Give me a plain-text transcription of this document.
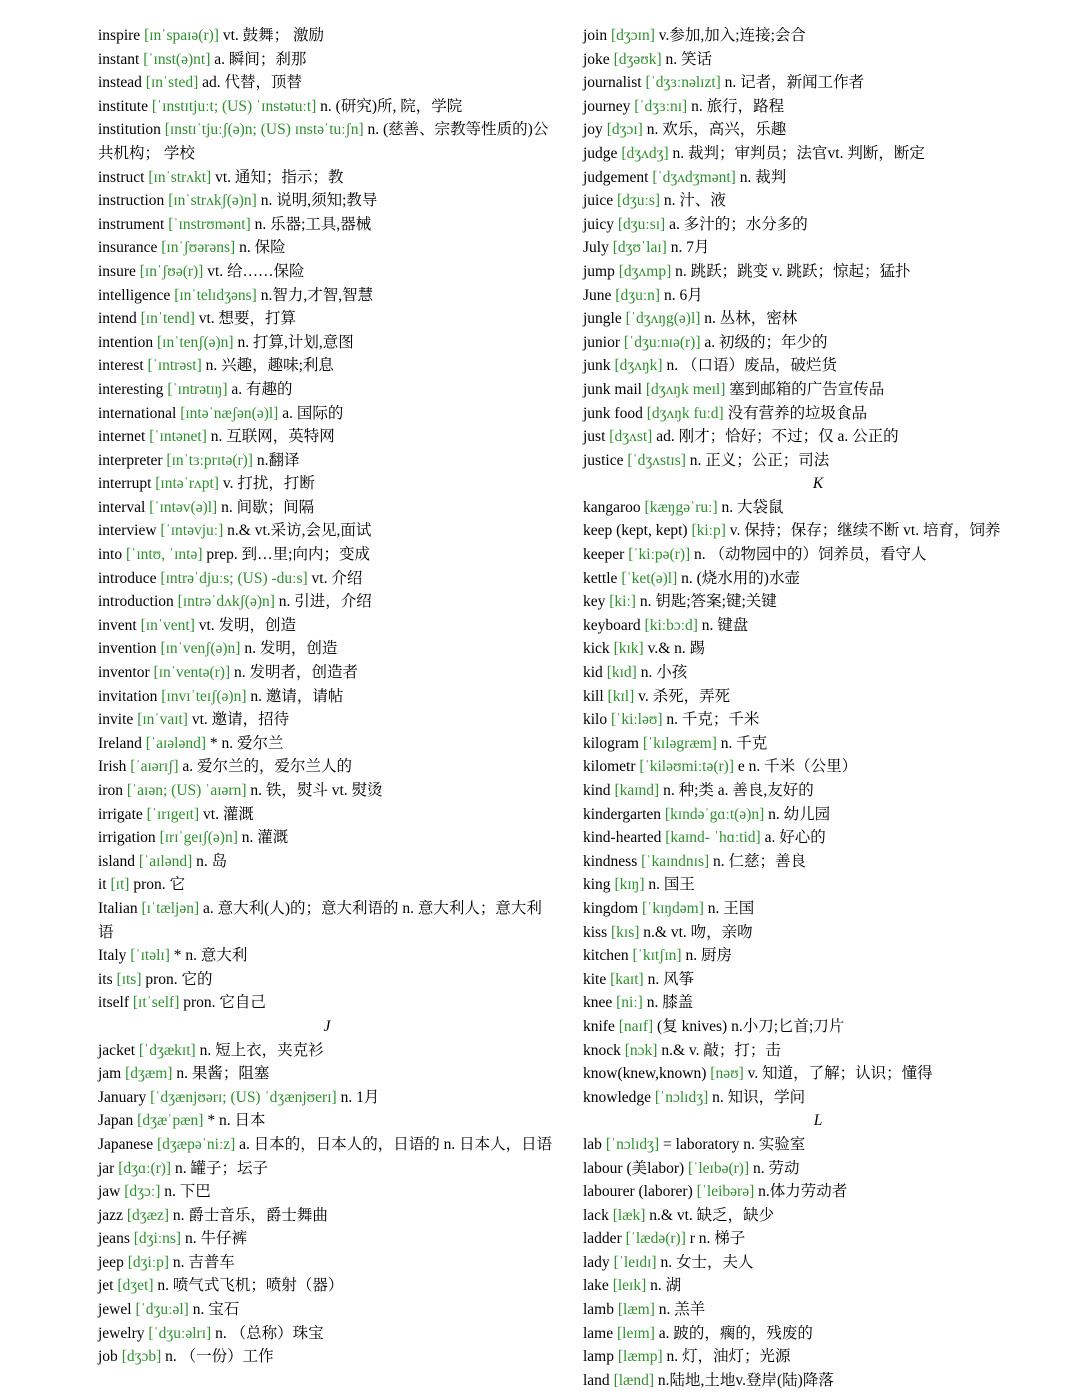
inspire [ɪnˈspaɪə(r)] vt. 鼓舞； 激励
instant [ˈɪnst(ə)nt] a. 瞬间；刹那
instead [ɪnˈsted] ad. 代替，顶替
institute [ˈɪnstɪtjuːt; (US) ˈɪnstətuːt] n. (研究)所, 院，学院
institution [ɪnstɪˈtjuːʃ(ə)n; (US) ɪnstəˈtuːʃn] n. (慈善、宗教等性质的)公共机构； 学校
instruct [ɪnˈstrʌkt] vt. 通知；指示；教
instruction [ɪnˈstrʌkʃ(ə)n] n. 说明,须知;教导
instrument [ˈɪnstrʊmənt] n. 乐器;工具,器械
insurance [ɪnˈʃʊərəns] n. 保险
insure [ɪnˈʃʊə(r)] vt. 给……保险
intelligence [ɪnˈtelɪdʒəns] n.智力,才智,智慧
intend [ɪnˈtend] vt. 想要，打算
intention [ɪnˈtenʃ(ə)n] n. 打算,计划,意图
interest [ˈɪntrəst] n. 兴趣，趣味;利息
interesting [ˈɪntrətɪŋ] a. 有趣的
international [ɪntəˈnæʃən(ə)l] a. 国际的
internet [ˈɪntənet] n. 互联网，英特网
interpreter [ɪnˈtɜːprɪtə(r)] n.翻译
interrupt [ɪntəˈrʌpt] v. 打扰，打断
interval [ˈɪntəv(ə)l] n. 间歇；间隔
interview [ˈɪntəvjuː] n.& vt.采访,会见,面试
into [ˈɪntʊ, ˈɪntə] prep. 到…里;向内；变成
introduce [ɪntrəˈdjuːs; (US) -duːs] vt. 介绍
introduction [ɪntrəˈdʌkʃ(ə)n] n. 引进，介绍
invent [ɪnˈvent] vt. 发明，创造
invention [ɪnˈvenʃ(ə)n] n. 发明，创造
inventor [ɪnˈventə(r)] n. 发明者，创造者
invitation [ɪnvɪˈteɪʃ(ə)n] n. 邀请，请帖
invite [ɪnˈvaɪt] vt. 邀请，招待
Ireland [ˈaɪələnd] * n. 爱尔兰
Irish [ˈaɪərɪʃ] a. 爱尔兰的，爱尔兰人的
iron [ˈaɪən; (US) ˈaɪərn] n. 铁，熨斗 vt. 熨烫
irrigate [ˈɪrɪgeɪt] vt. 灌溉
irrigation [ɪrɪˈgeɪʃ(ə)n] n. 灌溉
island [ˈaɪlənd] n. 岛
it [ɪt] pron. 它
Italian [ɪˈtæljən] a. 意大利(人)的；意大利语的 n. 意大利人；意大利语
Italy [ˈɪtəlɪ] * n. 意大利
its [ɪts] pron. 它的
itself [ɪtˈself] pron. 它自己
J
jacket [ˈdʒækɪt] n. 短上衣，夹克衫
jam [dʒæm] n. 果酱；阻塞
January [ˈdʒænjʊərɪ; (US) ˈdʒænjʊerɪ] n. 1月
Japan [dʒæˈpæn] * n. 日本
Japanese [dʒæpəˈniːz] a. 日本的，日本人的，日语的 n. 日本人，日语
jar [dʒɑː(r)] n. 罐子；坛子
jaw [dʒɔː] n. 下巴
jazz [dʒæz] n. 爵士音乐，爵士舞曲
jeans [dʒiːns] n. 牛仔裤
jeep [dʒiːp] n. 吉普车
jet [dʒet] n. 喷气式飞机；喷射（器）
jewel [ˈdʒuːəl] n. 宝石
jewelry [ˈdʒuːəlrɪ] n. （总称）珠宝
job [dʒɔb] n. （一份）工作
join [dʒɔɪn] v.参加,加入;连接;会合
joke [dʒəʊk] n. 笑话
journalist [ˈdʒɜːnəlɪzt] n. 记者，新闻工作者
journey [ˈdʒɜːnɪ] n. 旅行，路程
joy [dʒɔɪ] n. 欢乐，高兴，乐趣
judge [dʒʌdʒ] n. 裁判；审判员；法官vt. 判断，断定
judgement [ˈdʒʌdʒmənt] n. 裁判
juice [dʒuːs] n. 汁、液
juicy [dʒuːsɪ] a. 多汁的；水分多的
July [dʒʊˈlaɪ] n. 7月
jump [dʒʌmp] n. 跳跃；跳变 v. 跳跃；惊起；猛扑
June [dʒuːn] n. 6月
jungle [ˈdʒʌŋg(ə)l] n. 丛林，密林
junior [ˈdʒuːnɪə(r)] a. 初级的；年少的
junk [dʒʌŋk] n. （口语）废品，破烂货
junk mail [dʒʌŋk meɪl] 塞到邮箱的广告宣传品
junk food [dʒʌŋk fuːd] 没有营养的垃圾食品
just [dʒʌst] ad. 刚才；恰好；不过；仅 a. 公正的
justice [ˈdʒʌstɪs] n. 正义；公正；司法
K
kangaroo [kæŋgəˈruː] n. 大袋鼠
keep (kept, kept) [kiːp] v. 保持；保存；继续不断 vt. 培育，饲养
keeper [ˈkiːpə(r)] n. （动物园中的）饲养员，看守人
kettle [ˈket(ə)l] n. (烧水用的)水壶
key [kiː] n. 钥匙;答案;键;关键
keyboard [kiːbɔːd] n. 键盘
kick [kɪk] v.& n. 踢
kid [kɪd] n. 小孩
kill [kɪl] v. 杀死，弄死
kilo [ˈkiːləʊ] n. 千克；千米
kilogram [ˈkɪləgræm] n. 千克
kilometr [ˈkiləʊmiːtə(r)] e n. 千米（公里）
kind [kaɪnd] n. 种;类 a. 善良,友好的
kindergarten [kɪndəˈgɑːt(ə)n] n. 幼儿园
kind-hearted [kaɪnd- ˈhɑːtid] a. 好心的
kindness [ˈkaɪndnɪs] n. 仁慈；善良
king [kɪŋ] n. 国王
kingdom [ˈkɪŋdəm] n. 王国
kiss [kɪs] n.& vt. 吻，亲吻
kitchen [ˈkɪtʃɪn] n. 厨房
kite [kaɪt] n. 风筝
knee [niː] n. 膝盖
knife [naɪf] (复 knives) n.小刀;匕首;刀片
knock [nɔk] n.& v. 敲；打；击
know(knew,known) [nəʊ] v. 知道，了解；认识；懂得
knowledge [ˈnɔlɪdʒ] n. 知识，学问
L
lab [ˈnɔlɪdʒ] = laboratory n. 实验室
labour (美labor) [ˈleɪbə(r)] n. 劳动
labourer (laborer) [ˈleibərə] n.体力劳动者
lack [læk] n.& vt. 缺乏，缺少
ladder [ˈlædə(r)] r n. 梯子
lady [ˈleɪdɪ] n. 女士，夫人
lake [leɪk] n. 湖
lamb [læm] n. 羔羊
lame [leɪm] a. 跛的，瘸的，残废的
lamp [læmp] n. 灯，油灯；光源
land [lænd] n.陆地,土地v.登岸(陆)降落
